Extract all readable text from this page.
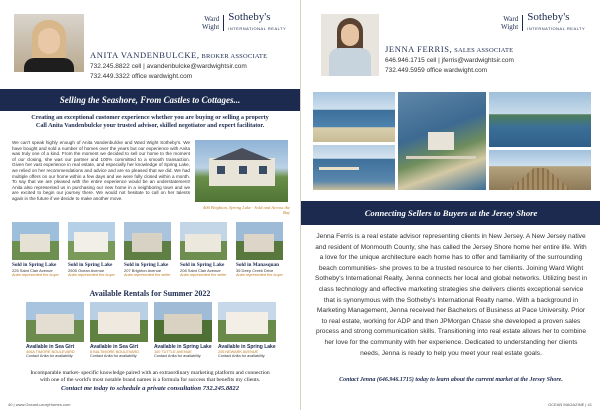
Ward
Wight
Sotheby's
INTERNATIONAL REALTY
ANITA VANDENBULCKE, BROKER ASSOCIATE
732.245.8822 cell | avandenbulcke@wardwightsir.com
732.449.3322 office wardwight.com
Selling the Seashore, From Castles to Cottages...
Creating an exceptional customer experience whether you are buying or selling a property
Call Anita Vandenbulcke your trusted advisor, skilled negotiator and expert facilitator.
We can't speak highly enough of Anita Vandenbulcke and Ward Wight Sotheby's. We have bought and sold a number of homes over the years but our experience with Anita was truly one of a kind. From the moment we decided to sell our home to the moment of our closing, she was our partner and 100% committed to a smooth transaction. Given her vast experience in real estate, and especially her knowledge of Spring Lake, we relied on her recommendations and advice and are so pleased that we did. We had multiple offers on our home within a few days and we were fully closed within a month. To say that we are pleased with the entire experience would be an understatement! Anita also represented us in purchasing our new home in a neighboring town and we are excited to begin our journey there. We would not hesitate to call on her talents again in the future if we decide to make another move.
406 Brighton, Spring Lake · Sold and Across the Bay
Sold in Spring Lake
225 Saint Clair Avenue
Anita represented the buyer
Sold in Spring Lake
2505 Ocean Avenue
Anita represented the buyer
Sold in Spring Lake
207 Brighton Avenue
Anita represented the seller
Sold in Spring Lake
208 Saint Clair Avenue
Anita represented the seller
Sold in Manasquan
35 Deep Creek Drive
Anita represented the buyer
Available Rentals for Summer 2022
Available in Sea Girt
406A TIMORE BOULEVARD
Contact Anita for availability
Available in Sea Girt
8 BALTIMORE BOULEVARD
Contact Anita for availability
Available in Spring Lake
100 TUTTLE AVENUE
Contact Anita for availability
Available in Spring Lake
205 NEWARK AVENUE
Contact Anita for availability
Incomparable market- specific knowledge paired with an extraordinary marketing platform and connection
with one of the world's most notable brand names is a formula for success that benefits my clients.
Contact me today to schedule a private consultation 732.245.8822
40 | www.OceanLuxuryHomes.com
Ward
Wight
Sotheby's
INTERNATIONAL REALTY
JENNA FERRIS, SALES ASSOCIATE
646.946.1715 cell | jferris@wardwightsir.com
732.449.5959 office wardwight.com
Connecting Sellers to Buyers at the Jersey Shore
Jenna Ferris is a real estate advisor representing clients in New Jersey. A New Jersey native and resident of Monmouth County, she has called the Jersey Shore home her entire life. With a love for the unique architecture each home has to offer and familiarity of the surrounding beach communities- she proves to be a trusted resource to her clients. Joining Ward Wight Sotheby's International Realty, Jenna connects her local and global networks. Utilizing best in class technology and effective marketing strategies she delivers clients exceptional service that is synonymous with the Sotheby's International Realty name. With a background in Marketing Management, Jenna received her Bachelors of Business at Pace University. Prior to real estate, working for ADP and then JPMorgan Chase she developed a proven sales process and strong communication skills. Transitioning into real estate allows her to combine her love for the community with her experience. Dedicated to understanding her clients needs, Jenna is ready to help you meet your real estate goals.
Contact Jenna (646.946.1715) today to learn about the current market at the Jersey Shore.
OCEAN MAGAZINE | 41
